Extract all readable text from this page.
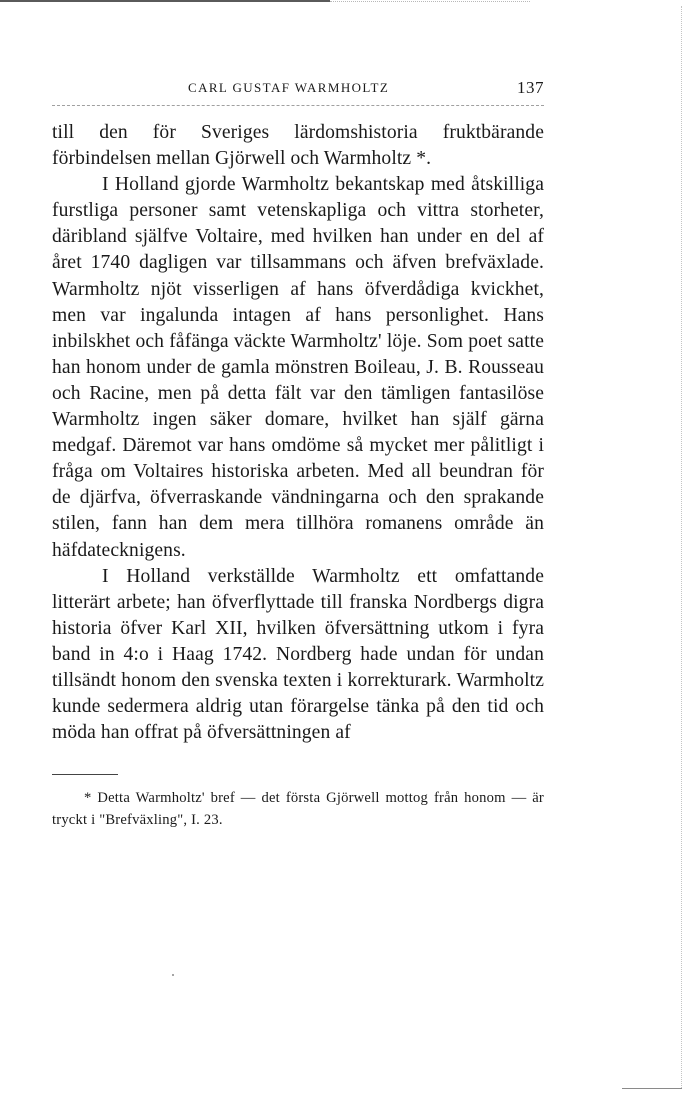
CARL GUSTAF WARMHOLTZ	137

till den för Sveriges lärdomshistoria fruktbärande förbindelsen mellan Gjörwell och Warmholtz *.

I Holland gjorde Warmholtz bekantskap med åtskilliga furstliga personer samt vetenskapliga och vittra storheter, däribland själfve Voltaire, med hvilken han under en del af året 1740 dagligen var tillsammans och äfven brefväxlade. Warmholtz njöt visserligen af hans öfverdådiga kvickhet, men var ingalunda intagen af hans personlighet. Hans inbilskhet och fåfänga väckte Warmholtz' löje. Som poet satte han honom under de gamla mönstren Boileau, J. B. Rousseau och Racine, men på detta fält var den tämligen fantasilöse Warmholtz ingen säker domare, hvilket han själf gärna medgaf. Däremot var hans omdöme så mycket mer pålitligt i fråga om Voltaires historiska arbeten. Med all beundran för de djärfva, öfverraskande vändningarna och den sprakande stilen, fann han dem mera tillhöra romanens område än häfdatecknigens.

I Holland verkställde Warmholtz ett omfattande litterärt arbete; han öfverflyttade till franska Nordbergs digra historia öfver Karl XII, hvilken öfversättning utkom i fyra band in 4:o i Haag 1742. Nordberg hade undan för undan tillsändt honom den svenska texten i korrekturark. Warmholtz kunde sedermera aldrig utan förargelse tänka på den tid och möda han offrat på öfversättningen af

* Detta Warmholtz' bref — det första Gjörwell mottog från honom — är tryckt i "Brefväxling", I. 23.
